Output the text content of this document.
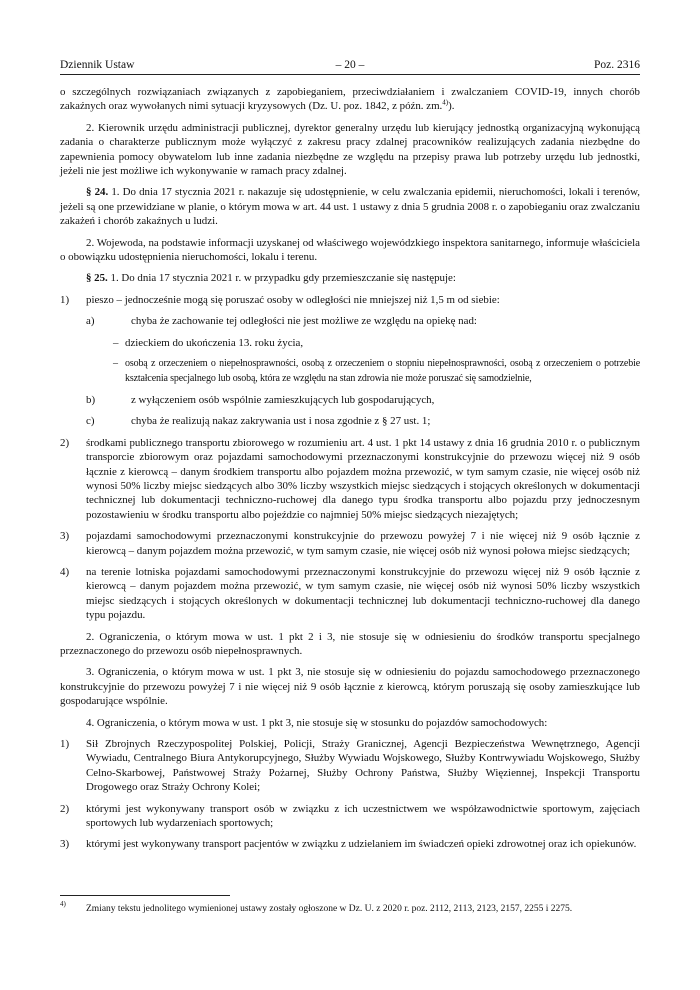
Dziennik Ustaw	– 20 –	Poz. 2316

o szczególnych rozwiązaniach związanych z zapobieganiem, przeciwdziałaniem i zwalczaniem COVID-19, innych chorób zakaźnych oraz wywołanych nimi sytuacji kryzysowych (Dz. U. poz. 1842, z późn. zm.$^{4)}$).

2. Kierownik urzędu administracji publicznej, dyrektor generalny urzędu lub kierujący jednostką organizacyjną wykonującą zadania o charakterze publicznym może wyłączyć z zakresu pracy zdalnej pracowników realizujących zadania niezbędne do zapewnienia pomocy obywatelom lub inne zadania niezbędne ze względu na przepisy prawa lub potrzeby urzędu lub jednostki, jeżeli nie jest możliwe ich wykonywanie w ramach pracy zdalnej.

§ 24. 1. Do dnia 17 stycznia 2021 r. nakazuje się udostępnienie, w celu zwalczania epidemii, nieruchomości, lokali i terenów, jeżeli są one przewidziane w planie, o którym mowa w art. 44 ust. 1 ustawy z dnia 5 grudnia 2008 r. o zapobieganiu oraz zwalczaniu zakażeń i chorób zakaźnych u ludzi.

2. Wojewoda, na podstawie informacji uzyskanej od właściwego wojewódzkiego inspektora sanitarnego, informuje właściciela o obowiązku udostępnienia nieruchomości, lokalu i terenu.

§ 25. 1. Do dnia 17 stycznia 2021 r. w przypadku gdy przemieszczanie się następuje:

1) pieszo – jednocześnie mogą się poruszać osoby w odległości nie mniejszej niż 1,5 m od siebie:
a)	chyba że zachowanie tej odległości nie jest możliwe ze względu na opiekę nad:
– dzieckiem do ukończenia 13. roku życia,
– osobą z orzeczeniem o niepełnosprawności, osobą z orzeczeniem o stopniu niepełnosprawności, osobą z orzeczeniem o potrzebie kształcenia specjalnego lub osobą, która ze względu na stan zdrowia nie może poruszać się samodzielnie,
b)	z wyłączeniem osób wspólnie zamieszkujących lub gospodarujących,
c)	chyba że realizują nakaz zakrywania ust i nosa zgodnie z § 27 ust. 1;
2) środkami publicznego transportu zbiorowego w rozumieniu art. 4 ust. 1 pkt 14 ustawy z dnia 16 grudnia 2010 r. o publicznym transporcie zbiorowym oraz pojazdami samochodowymi przeznaczonymi konstrukcyjnie do przewozu więcej niż 9 osób łącznie z kierowcą – danym środkiem transportu albo pojazdem można przewozić, w tym samym czasie, nie więcej osób niż wynosi 50% liczby miejsc siedzących albo 30% liczby wszystkich miejsc siedzących i stojących określonych w dokumentacji technicznej lub dokumentacji techniczno-ruchowej dla danego typu środka transportu albo pojazdu przy jednoczesnym pozostawieniu w środku transportu albo pojeździe co najmniej 50% miejsc siedzących niezajętych;
3) pojazdami samochodowymi przeznaczonymi konstrukcyjnie do przewozu powyżej 7 i nie więcej niż 9 osób łącznie z kierowcą – danym pojazdem można przewozić, w tym samym czasie, nie więcej osób niż wynosi połowa miejsc siedzących;
4) na terenie lotniska pojazdami samochodowymi przeznaczonymi konstrukcyjnie do przewozu więcej niż 9 osób łącznie z kierowcą – danym pojazdem można przewozić, w tym samym czasie, nie więcej osób niż wynosi 50% liczby wszystkich miejsc siedzących i stojących określonych w dokumentacji technicznej lub dokumentacji techniczno-ruchowej dla danego typu pojazdu.

2. Ograniczenia, o którym mowa w ust. 1 pkt 2 i 3, nie stosuje się w odniesieniu do środków transportu specjalnego przeznaczonego do przewozu osób niepełnosprawnych.

3. Ograniczenia, o którym mowa w ust. 1 pkt 3, nie stosuje się w odniesieniu do pojazdu samochodowego przeznaczonego konstrukcyjnie do przewozu powyżej 7 i nie więcej niż 9 osób łącznie z kierowcą, którym poruszają się osoby zamieszkujące lub gospodarujące wspólnie.

4. Ograniczenia, o którym mowa w ust. 1 pkt 3, nie stosuje się w stosunku do pojazdów samochodowych:

1) Sił Zbrojnych Rzeczypospolitej Polskiej, Policji, Straży Granicznej, Agencji Bezpieczeństwa Wewnętrznego, Agencji Wywiadu, Centralnego Biura Antykorupcyjnego, Służby Wywiadu Wojskowego, Służby Kontrwywiadu Wojskowego, Służby Celno-Skarbowej, Państwowej Straży Pożarnej, Służby Ochrony Państwa, Służby Więziennej, Inspekcji Transportu Drogowego oraz Straży Ochrony Kolei;
2) którymi jest wykonywany transport osób w związku z ich uczestnictwem we współzawodnictwie sportowym, zajęciach sportowych lub wydarzeniach sportowych;
3) którymi jest wykonywany transport pacjentów w związku z udzielaniem im świadczeń opieki zdrowotnej oraz ich opiekunów.
4)	Zmiany tekstu jednolitego wymienionej ustawy zostały ogłoszone w Dz. U. z 2020 r. poz. 2112, 2113, 2123, 2157, 2255 i 2275.
